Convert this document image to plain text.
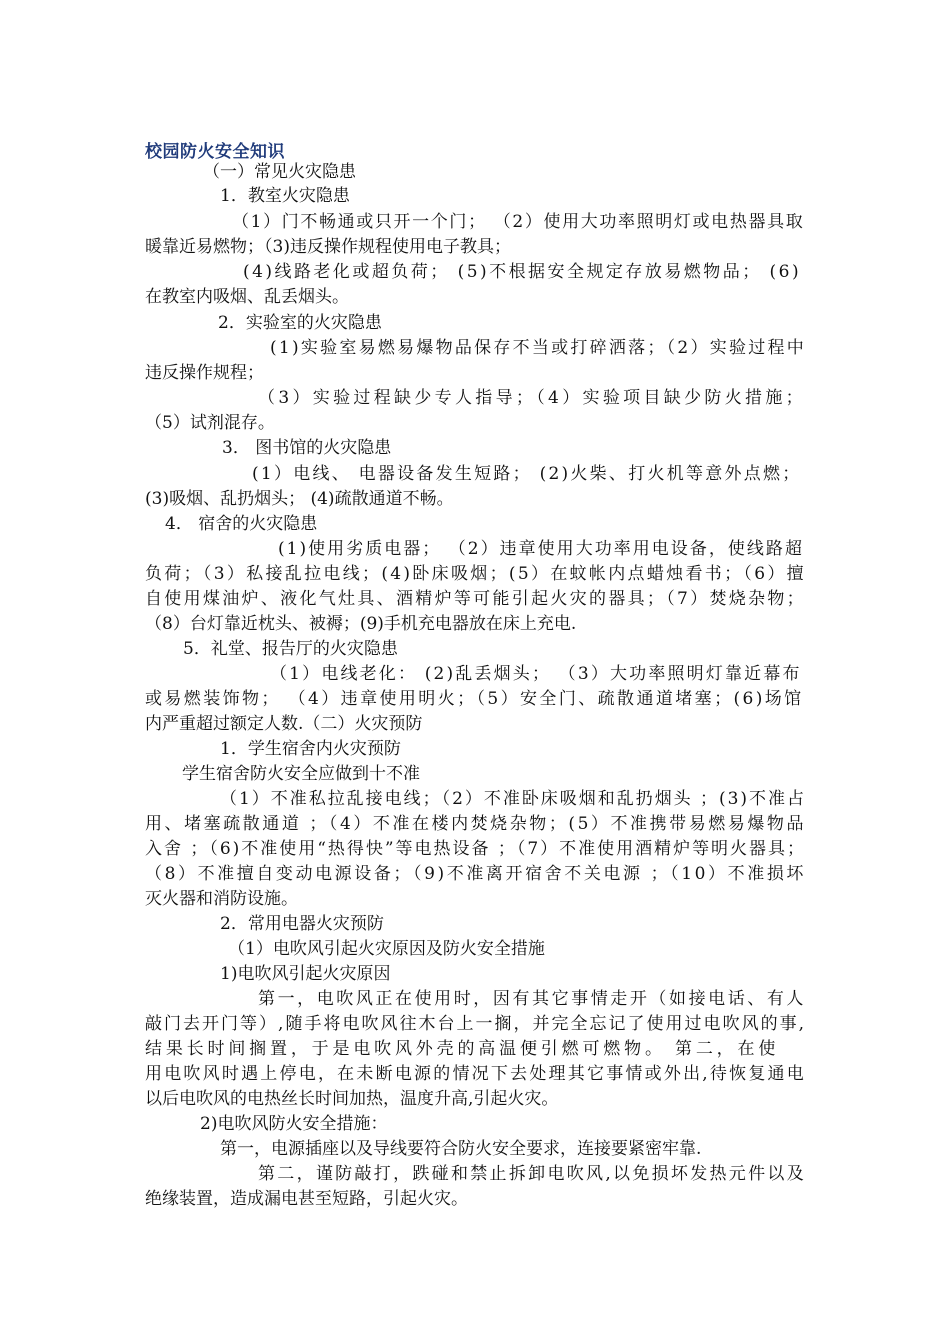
校园防火安全知识
（一）常见火灾隐患
1．教室火灾隐患
（1）门不畅通或只开一个门； （2）使用大功率照明灯或电热器具取
暖靠近易燃物；（3)违反操作规程使用电子教具；
(4)线路老化或超负荷； (5)不根据安全规定存放易燃物品； (6)
在教室内吸烟、乱丢烟头。
2．实验室的火灾隐患
(1)实验室易燃易爆物品保存不当或打碎洒落；（2）实验过程中
违反操作规程；
（3）实验过程缺少专人指导；（4）实验项目缺少防火措施；
（5）试剂混存。
3． 图书馆的火灾隐患
(1）电线、 电器设备发生短路； (2)火柴、打火机等意外点燃；
(3)吸烟、乱扔烟头； (4)疏散通道不畅。
4． 宿舍的火灾隐患
(1)使用劣质电器； （2）违章使用大功率用电设备，使线路超
负荷；（3）私接乱拉电线；(4)卧床吸烟；(5）在蚊帐内点蜡烛看书；（6）擅
自使用煤油炉、液化气灶具、酒精炉等可能引起火灾的器具；（7）焚烧杂物；
（8）台灯靠近枕头、被褥；(9)手机充电器放在床上充电.
5．礼堂、报告厅的火灾隐患
（1）电线老化： (2)乱丢烟头； （3）大功率照明灯靠近幕布
或易燃装饰物； （4）违章使用明火；（5）安全门、疏散通道堵塞；(6)场馆
内严重超过额定人数.（二）火灾预防
1．学生宿舍内火灾预防
学生宿舍防火安全应做到十不准
（1）不准私拉乱接电线；（2）不准卧床吸烟和乱扔烟头 ；(3)不准占
用、堵塞疏散通道 ；（4）不准在楼内焚烧杂物；(5）不准携带易燃易爆物品
入舍 ；（6)不准使用“热得快”等电热设备 ；（7）不准使用酒精炉等明火器具；
（8）不准擅自变动电源设备；（9)不准离开宿舍不关电源 ；（10）不准损坏
灭火器和消防设施。
2．常用电器火灾预防
（1）电吹风引起火灾原因及防火安全措施
1)电吹风引起火灾原因
第一，电吹风正在使用时，因有其它事情走开（如接电话、有人
敲门去开门等）,随手将电吹风往木台上一搁，并完全忘记了使用过电吹风的事,
结果长时间搁置，于是电吹风外壳的高温便引燃可燃物。 第二，在使
用电吹风时遇上停电，在未断电源的情况下去处理其它事情或外出,待恢复通电
以后电吹风的电热丝长时间加热，温度升高,引起火灾。
2)电吹风防火安全措施：
第一，电源插座以及导线要符合防火安全要求，连接要紧密牢靠.
第二，谨防敲打，跌碰和禁止拆卸电吹风,以免损坏发热元件以及
绝缘装置，造成漏电甚至短路，引起火灾。
